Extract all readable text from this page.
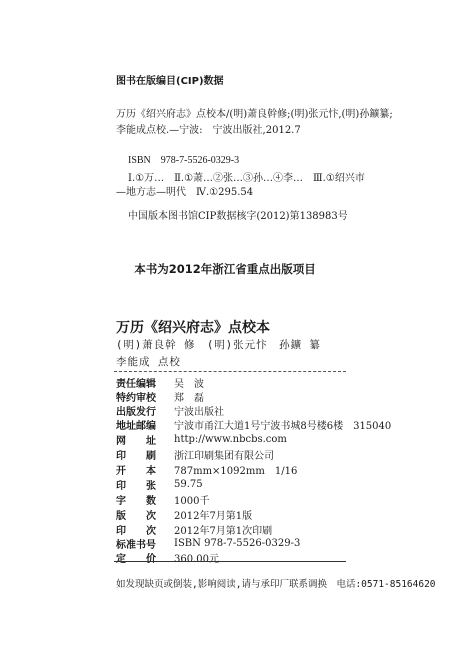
图书在版编目(CIP)数据
万历《绍兴府志》点校本/(明)萧良幹修;(明)张元忭,(明)孙鑛纂;
李能成点校.—宁波:　宁波出版社,2012.7
ISBN　978-7-5526-0329-3
Ⅰ.①万…　Ⅱ.①萧…②张…③孙…④李…　Ⅲ.①绍兴市
—地方志—明代　Ⅳ.①295.54
中国版本图书馆CIP数据核字(2012)第138983号
本书为2012年浙江省重点出版项目
万历《绍兴府志》点校本
(明)萧良幹 修　(明)张元忭　孙鑛 纂
李能成 点校
责任编辑	吴　波
特约审校	郑　磊
出版发行	宁波出版社
地址邮编	宁波市甬江大道1号宁波书城8号楼6楼　315040
网　　址	http://www.nbcbs.com
印　　刷	浙江印刷集团有限公司
开　　本	787mm×1092mm　1/16
印　　张	59.75
字　　数	1000千
版　　次	2012年7月第1版
印　　次	2012年7月第1次印刷
标准书号	ISBN 978-7-5526-0329-3
定　　价	360.00元
如发现缺页或倒装,影响阅读,请与承印厂联系调换　电话:0571-85164620
